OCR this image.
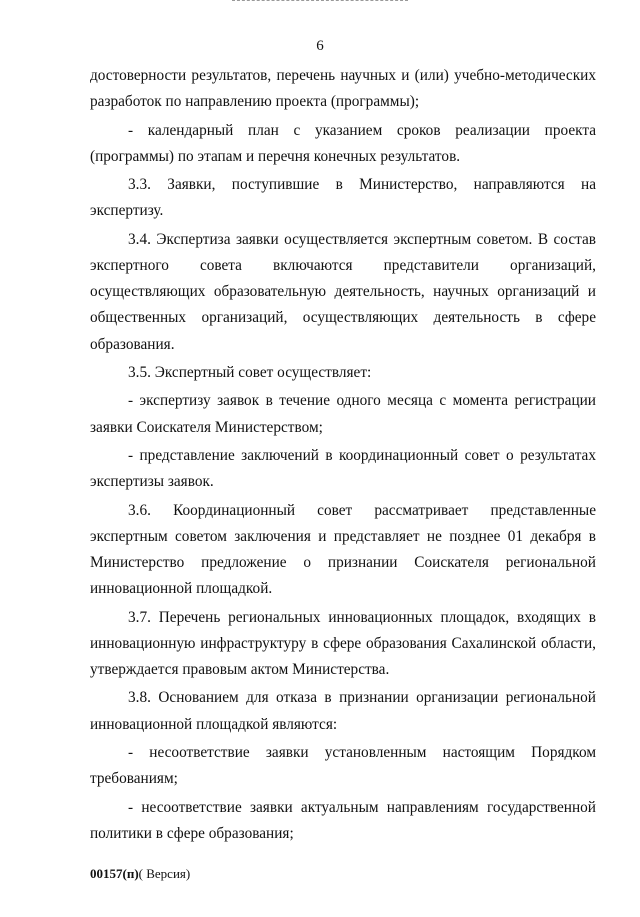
6

достоверности результатов, перечень научных и (или) учебно-методических разработок по направлению проекта (программы);

- календарный план с указанием сроков реализации проекта (программы) по этапам и перечня конечных результатов.

3.3. Заявки, поступившие в Министерство, направляются на экспертизу.

3.4. Экспертиза заявки осуществляется экспертным советом. В состав экспертного совета включаются представители организаций, осуществляющих образовательную деятельность, научных организаций и общественных организаций, осуществляющих деятельность в сфере образования.

3.5. Экспертный совет осуществляет:

- экспертизу заявок в течение одного месяца с момента регистрации заявки Соискателя Министерством;

- представление заключений в координационный совет о результатах экспертизы заявок.

3.6. Координационный совет рассматривает представленные экспертным советом заключения и представляет не позднее 01 декабря в Министерство предложение о признании Соискателя региональной инновационной площадкой.

3.7. Перечень региональных инновационных площадок, входящих в инновационную инфраструктуру в сфере образования Сахалинской области, утверждается правовым актом Министерства.

3.8. Основанием для отказа в признании организации региональной инновационной площадкой являются:

- несоответствие заявки установленным настоящим Порядком требованиям;

- несоответствие заявки актуальным направлениям государственной политики в сфере образования;

00157(п)( Версия)
